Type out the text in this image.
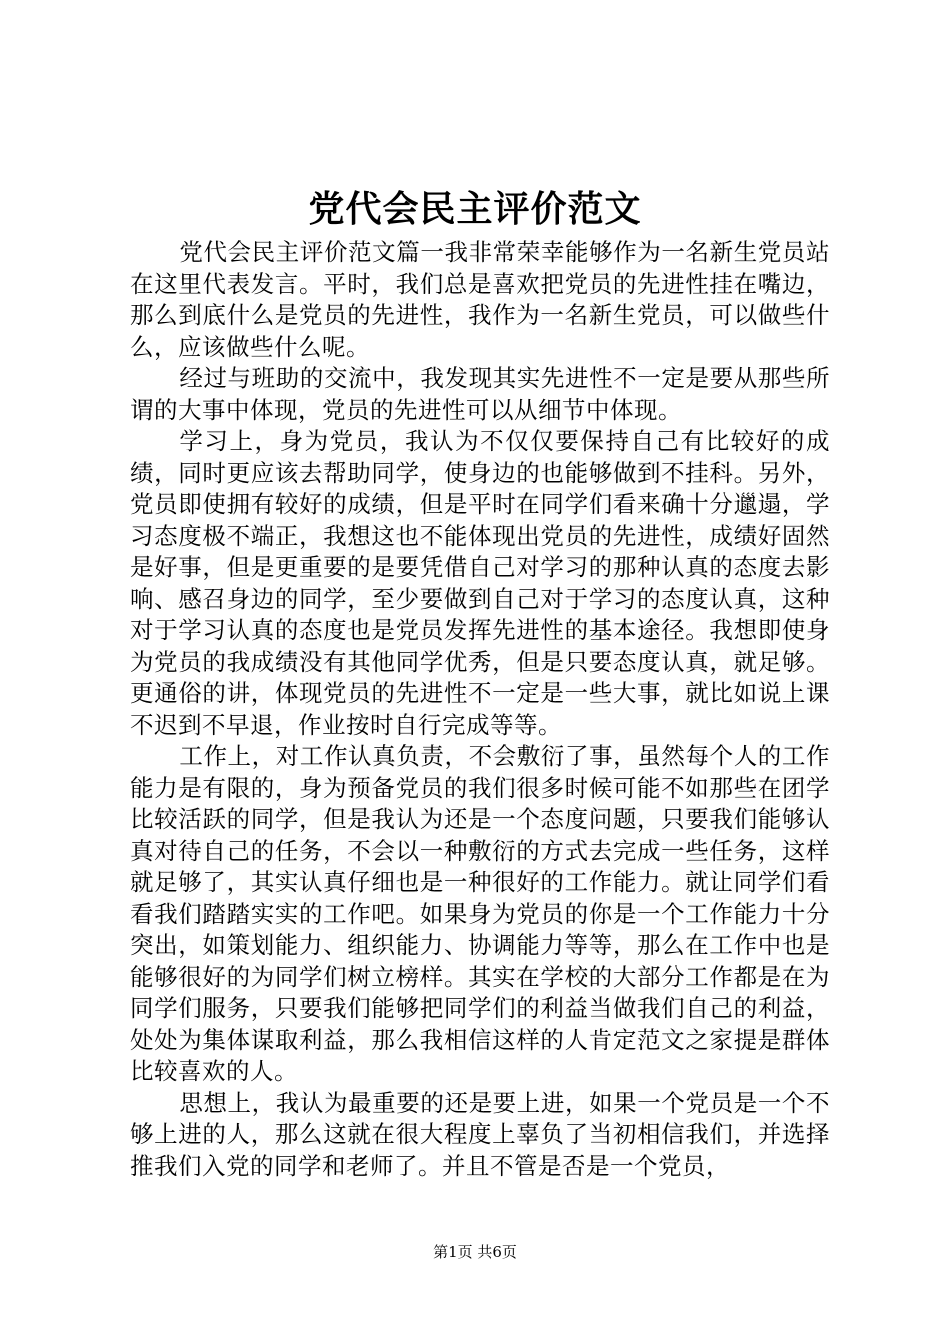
党代会民主评价范文

党代会民主评价范文篇一我非常荣幸能够作为一名新生党员站在这里代表发言。平时，我们总是喜欢把党员的先进性挂在嘴边，那么到底什么是党员的先进性，我作为一名新生党员，可以做些什么，应该做些什么呢。

经过与班助的交流中，我发现其实先进性不一定是要从那些所谓的大事中体现，党员的先进性可以从细节中体现。

学习上，身为党员，我认为不仅仅要保持自己有比较好的成绩，同时更应该去帮助同学，使身边的也能够做到不挂科。另外，党员即使拥有较好的成绩，但是平时在同学们看来确十分邋遢，学习态度极不端正，我想这也不能体现出党员的先进性，成绩好固然是好事，但是更重要的是要凭借自己对学习的那种认真的态度去影响、感召身边的同学，至少要做到自己对于学习的态度认真，这种对于学习认真的态度也是党员发挥先进性的基本途径。我想即使身为党员的我成绩没有其他同学优秀，但是只要态度认真，就足够。更通俗的讲，体现党员的先进性不一定是一些大事，就比如说上课不迟到不早退，作业按时自行完成等等。

工作上，对工作认真负责，不会敷衍了事，虽然每个人的工作能力是有限的，身为预备党员的我们很多时候可能不如那些在团学比较活跃的同学，但是我认为还是一个态度问题，只要我们能够认真对待自己的任务，不会以一种敷衍的方式去完成一些任务，这样就足够了，其实认真仔细也是一种很好的工作能力。就让同学们看看我们踏踏实实的工作吧。如果身为党员的你是一个工作能力十分突出，如策划能力、组织能力、协调能力等等，那么在工作中也是能够很好的为同学们树立榜样。其实在学校的大部分工作都是在为同学们服务，只要我们能够把同学们的利益当做我们自己的利益，处处为集体谋取利益，那么我相信这样的人肯定范文之家提是群体比较喜欢的人。

思想上，我认为最重要的还是要上进，如果一个党员是一个不够上进的人，那么这就在很大程度上辜负了当初相信我们，并选择推我们入党的同学和老师了。并且不管是否是一个党员，

第1页 共6页
